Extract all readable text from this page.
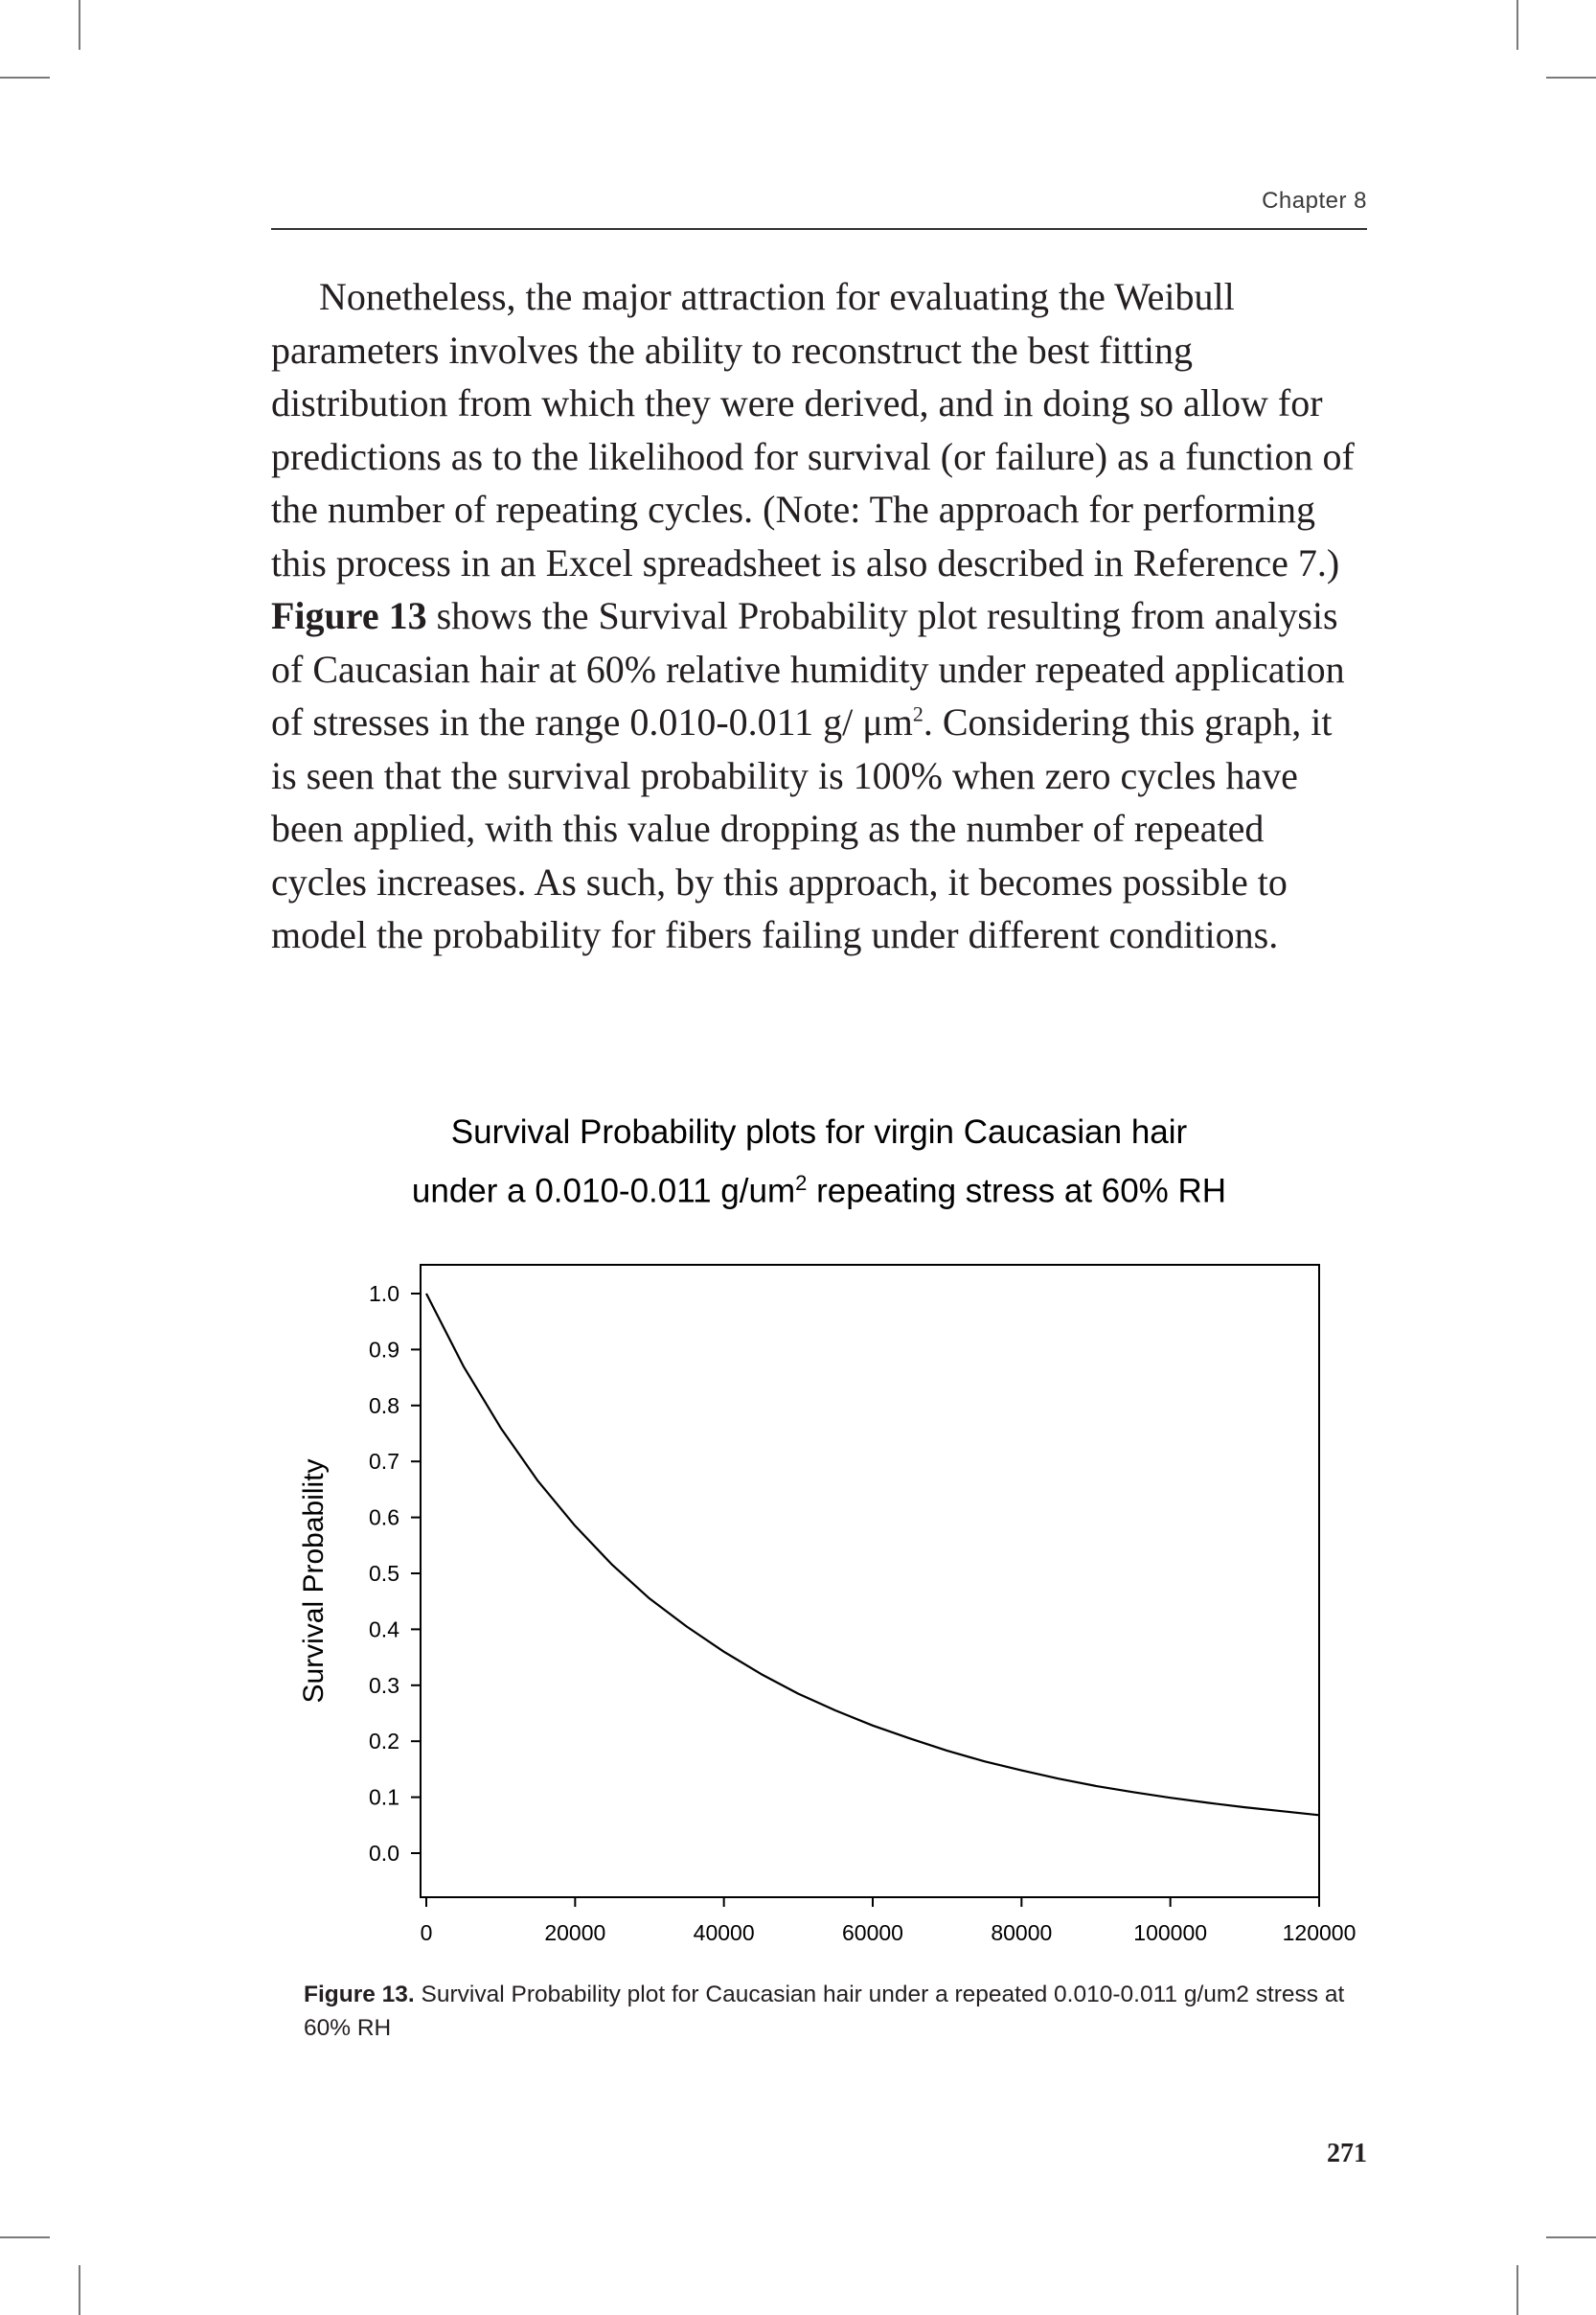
Chapter 8

Nonetheless, the major attraction for evaluating the Weibull parameters involves the ability to reconstruct the best fitting distribution from which they were derived, and in doing so allow for predictions as to the likelihood for survival (or failure) as a function of the number of repeating cycles. (Note: The approach for performing this process in an Excel spreadsheet is also described in Reference 7.) Figure 13 shows the Survival Probability plot resulting from analysis of Caucasian hair at 60% relative humidity under repeated application of stresses in the range 0.010-0.011 g/ $\mu m^2$. Considering this graph, it is seen that the survival probability is 100% when zero cycles have been applied, with this value dropping as the number of repeated cycles increases. As such, by this approach, it becomes possible to model the probability for fibers failing under different conditions.

Survival Probability plots for virgin Caucasian hair
under a 0.010-0.011 $g/um^2$ repeating stress at 60% RH
0.0
0.1
0.2
0.3
0.4
0.5
0.6
0.7
0.8
0.9
1.0
0	20000	40000	60000	80000	100000	120000
Survival Probability

Figure 13. Survival Probability plot for Caucasian hair under a repeated 0.010-0.011 g/um2 stress at 60% RH

271
